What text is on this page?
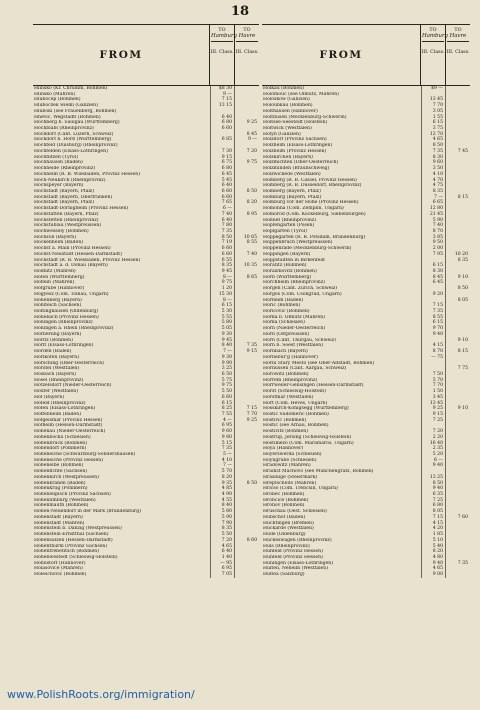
18
FROM
TO
Hamburg
III. Class.
TO
Havre
III. Class.
Hlinsko (Kr. Chrudim, Böhmen)	$8 30
Hlinsko (Mähren)	9 —
Hlubočep (Böhmen)	7 15
Hluboczek wielki (Galizien)	13 15
Hluboki (see Frauenberg, Böhmen)
Hněvic, Wegstädtl (Böhmen)	6 40
Hochberg b. Saulgau (Württemberg)	6 80	9 25
Hochblabl (Rheinprovinz)	6 60
Hochdorf (Cant. Luzern, Schweiz)	8 45
Hochdorf b. Horb (Württemberg)	6 85	9 —
Hochfeld (Duisburg) (Rheinprovinz)
Hochfelden (Elsass-Lothringen)	7 30	7 20
Hochflitzen (Tyrol)	9 15
Hochhausen (Baden)	6 75	9 75
Hochheide (Rheinprovinz)	6 80
Hochheim (R. B. Wiesbaden, Provinz Hessen)	6 45
Hoch-Neukirch (Rheinprovinz)	5 45
Hochspeyer (Bayern)	6 40
Hochstadt (Bayern, Pfalz)	6 60	8 50
Hochstadt (Bayern, Oberfranken)	6 60
Hochstadt (Bayern, Pfalz)	7 65	8 20
Hochstadt-Dörnigheim (Provinz Hessen)	6 —
Hochstätten (Bayern, Pfalz)	7 40	8 95
Hochstetten (Rheinprovinz)	6 40
Hochstüblau (Westpreussen)	7 80
Hochwessely (Böhmen)	7 35
Hochzoll (Bayern)	8 50	10 65
Hockenheim (Baden)	7 19	8 55
Höchst a. Main (Provinz Hessen)	6 60
Höchst-Neustadt (Hessen-Darmstadt)	6 60	7 40
Höchstadt (R. B. Wiesbaden, Provinz Hessen)	6 55
Höchstädt a. d. Donau (Bayern)	8 35	10 35
Hödnitz (Mähren)	9 45
Höfen (Württemberg)	8 —	8 65
Höflein (Mähren)	9 75
Höfgrube (Hannover)	1 20
Högyész (Com. Tolnau, Ungarn)	15 30
Höhenberg (Bayern)	8 —
Höhlteich (Sachsen)	6 15
Höltinghausen (Oldenburg)	5 30
Hönebach (Provinz Hessen)	5 55
Höningen (Rheinprovinz)	5 80
Höningen a. Rhein (Rheinprovinz)	5 05
Hörberling (Bayern)	9 30
Höritz (Böhmen)	9 45
Hörlt (Elsass-Lothringen)	8 40	7 35
Hörden (Baden)	7 —	9 15
Hörlkofen (Bayern)	9 30
Hörsching (Ober-Oesterreich)	9 90
Hörstel (Westfalen)	3 25
Hösbach (Bayern)	6 50
Hösel (Rheinprovinz)	5 75
Hötzelsdorf (Nieder-Oesterreich)	9 75
Höxter (Westfalen)	5 50
Hof (Bayern)	6 60
Hofeld (Rheinprovinz)	6 15
Hofen (Elsass-Lothringen)	8 25	7 15
Hoffenheim (Baden)	7 55	7 70
Hofgeismar (Provinz Hessen)	4 —	9 25
Hofheim (Hessen-Darmstadt)	6 95
Hohenau (Nieder-Oesterreich)	9 60
Hohenbocka (Schlesien)	9 80
Hohenbruck (Böhmen)	5 15
Hohendorf (Pommern)	7 35
Hoheneiche (Schwarzburg-Sondershausen)	5 —
Hoheneiche (Provinz Hessen)	4 10
Hohenelbe (Böhmen)	7 —
Hohenfichte (Sachsen)	5 70
Hohenkirch (Westpreussen)	8 20
Hohenkrähen (Baden)	9 35	8 50
Hohenkrug (Pommern)	4 85
Hohenleipisch (Provinz Sachsen)	4 90
Hohenlimburg (Westfalen)	4 55
Hohenmauth (Böhmen)	8 40
Hohen-Neuendorf in der Mark (Brandenburg)	5 80
Hohenstadt (Bayern)	5 90
Hohenstadt (Mähren)	7 90
Hohenstein b. Danzig (Westpreussen)	8 35
Hohenstein-Ernstthal (Sachsen)	5 50
Hohensülzen (Hessen-Darmstadt)	7 20	8 60
Hohenthurm (Provinz Sachsen)	4 65
Hohentrebetitsch (Böhmen)	6 40
Hohenwestedt (Schleswig-Holstein)	1 40
Hohnstorf (Hannover)	— 95
Holasovice (Mähren)	6 95
Holeschovic (Böhmen)	7 05
FROM
TO
Hamburg
III. Class.
TO
Havre
III. Class.
Holkau (Böhmen)	$9 —
Holomouc (see Olmütz, Mähren)
Holoskow (Galizien)	13 45
Holoubkau (Böhmen)	7 70
Holthausen (Hannover)	3 05
Holthusen (Mecklenburg-Schwerin)	1 55
Holtsee-Seestedt (Holstein)	6 15
Holtwick (Westfalen)	3 75
Holyň (Galizien)	12 70
Holzdorf (Provinz Sachsen)	4 65
Holzheim (Elsass-Lothringen)	8 50
Holzheim (Provinz Hessen)	7 35	7 45
Holzkirchen (Bayern)	8 30
Holzmichten (Ober-Oesterreich)	9 60
Holzminden (Braunschweig)	3 50
Holzwickede (Westfalen)	4 10
Homberg (R. B. Cassel, Provinz Hessen)	4 70
Homberg (R. B. Düsseldorf, Rheinprovinz)	4 75
Homberg (Bayern, Pfalz)	8 35
Homburg (Bayern, Pfalz)	7 —	8 15
Homburg vor der Höhe (Provinz Hessen)	6 65
Homonna (Com. Zemplin, Ungarn)	12 80
Homorod (Com. Kockelburg, Siebenbürgen)	21 45
Honnef (Rheinprovinz)	5 90
Hopfengarten (Posen)	7 40
Hopfgarten (Tyrol)	8 70
Hoppegarten (R. B. Potsdam, Brandenburg)	3 85
Hoppenbruch (Westpreussen)	9 50
Hoppenrade (Mecklenburg-Schwerin)	2 00
Höppingen (Bayern)	7 95	10 20
Hoppstädten in Birkenfeld	8 35
Hořatitz (Böhmen)	6 15
Horaždiovitz (Böhmen)	8 30
Horb (Württemberg)	8 45	9 10
Horchheim (Rheinprovinz)	6 45
Horgen (Cant. Zürich, Schweiz)	8 50
Horgos (Com. Csongrad, Ungarn)	9 20
Horheim (Baden)	8 05
Hořic (Böhmen)	7 15
Hořicovic (Böhmen)	7 35
Horka b. Olmütz (Mähren)	8 55
Horka (Schlesien)	6 15
Horn (Nieder-Oesterreich)	9 70
Horn (Ostpreussen)	9 40
Horn (Cant. Thurgau, Schweiz)	9 10
Horn b. Soest (Westfalen)	4 15
Hornbach (Bayern)	8 70	8 15
Hornebur'g (Hannover)	— 75
Horni Stary Město (see Ober-Altstadt, Böhmen)
Hornussen (Cant. Aargau, Schweiz)	7 75
Horowitz (Böhmen)	7 50
Horrem (Rheinprovinz)	5 70
Horrweiler-Gensingen (Hessen-Darmstadt)	7 70
Horst (Schleswig-Holstein)	1 50
Horstmar (Westfalen)	3 45
Hort (Com. Heves, Ungarn)	13 45
Hosskirch-Königsegg (Württemberg)	9 25	9 10
Hostic Sudoměřic (Böhmen)	9 15
Hostivic (Böhmen)	7 25
Hostic (see Arnau, Böhmen)
Hostivitz (Böhmen)	7 20
Hostrup, Jersing (Schleswig-Holstein)	2 20
Hostimezo (Com. Máramaros, Ungarn)	16 40
Hoya (Hannover)	2 35
Hoyerswerda (Schlesien)	5 20
Hoyngrube (Schlesien)	6 —
Hradowitz (Mähren)	9 40
Hradisť Machovo (see Münchengrätz, Böhmen)
Hrasinige (Steiermark)	13 25
Hřeptscheits (Mähren)	8 50
Hricso (Com. Trencsin, Ungarn)	9 40
Hrobec (Böhmen)	6 35
Hrobčice (Böhmen)	7 25
Hronov (Böhmen)	6 80
Hruschau (Oest. Schlesien)	8 05
Hubschot (Baden)	7 15	7 60
Huchtingen (Bremen)	4 15
Huckarde (Westfalen)	4 20
Hude (Oldenburg)	1 85
Huckeswagen (Rheinprovinz)	5 10
Hüls (Rheinprovinz)	5 40
Hünfeld (Provinz Hessen)	8 20
Hünfeld (Provinz Hessen)	4 80
Hüningen (Elsass-Lothringen)	9 40	7 35
Hülten, Neheim (Westfalen)	4 65
Hultea (Salzburg)	9 00
www.PolishRoots.org/immigration/
